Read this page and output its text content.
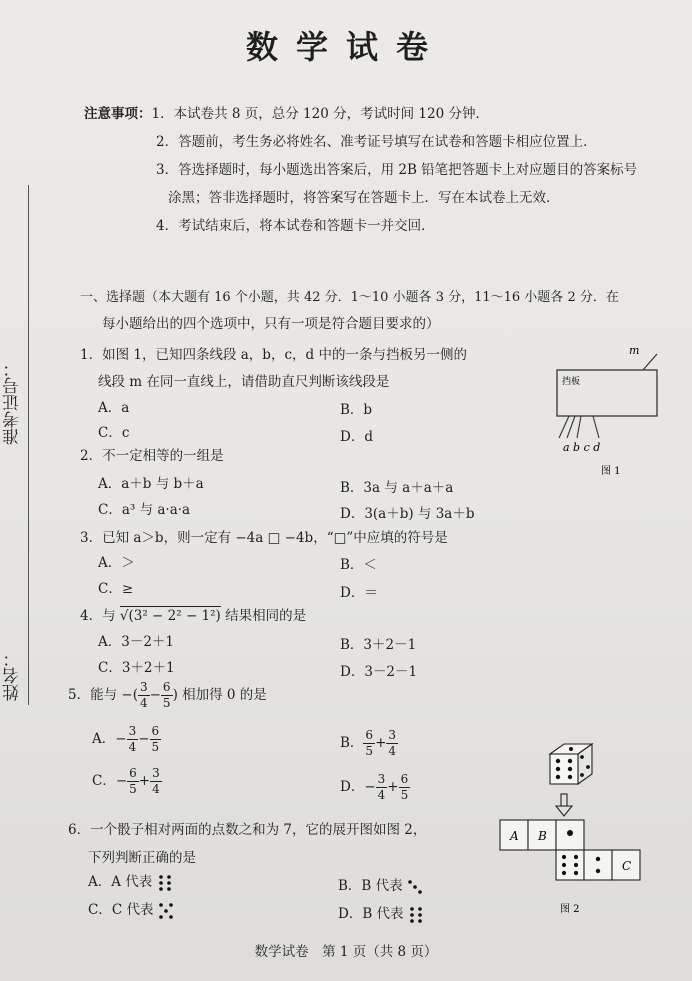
准考证号：
姓名：
数学试卷
注意事项：1．本试卷共 8 页，总分 120 分，考试时间 120 分钟．
2．答题前，考生务必将姓名、准考证号填写在试卷和答题卡相应位置上．
3．答选择题时，每小题选出答案后，用 2B 铅笔把答题卡上对应题目的答案标号
涂黑；答非选择题时，将答案写在答题卡上．写在本试卷上无效．
4．考试结束后，将本试卷和答题卡一并交回．
一、选择题（本大题有 16 个小题，共 42 分．1～10 小题各 3 分，11～16 小题各 2 分．在
每小题给出的四个选项中，只有一项是符合题目要求的）
1．如图 1，已知四条线段 a，b，c，d 中的一条与挡板另一侧的
线段 m 在同一直线上，请借助直尺判断该线段是
A．a	B．b
C．c	D．d
m
挡板
a b c d
图 1
2．不一定相等的一组是
A．a＋b 与 b＋a	B．3a 与 a＋a＋a
C．a³ 与 a·a·a	D．3(a＋b) 与 3a＋b
3．已知 a＞b，则一定有 −4a □ −4b，“□”中应填的符号是
A．＞	B．＜
C．≥	D．＝
4．与 √(3² − 2² − 1²) 结果相同的是
A．3－2＋1	B．3＋2－1
C．3＋2＋1	D．3－2－1
5．能与 −( $\frac{3}{4} - \frac{6}{5}$ ) 相加得 0 的是
A．− $\frac{3}{4} - \frac{6}{5}$	B． $\frac{6}{5} + \frac{3}{4}$
C．− $\frac{6}{5} + \frac{3}{4}$	D．− $\frac{3}{4} + \frac{6}{5}$
6．一个骰子相对两面的点数之和为 7，它的展开图如图 2，
下列判断正确的是
A．A 代表	B．B 代表
C．C 代表	D．B 代表
A B
C
图 2
数学试卷　第 1 页（共 8 页）
